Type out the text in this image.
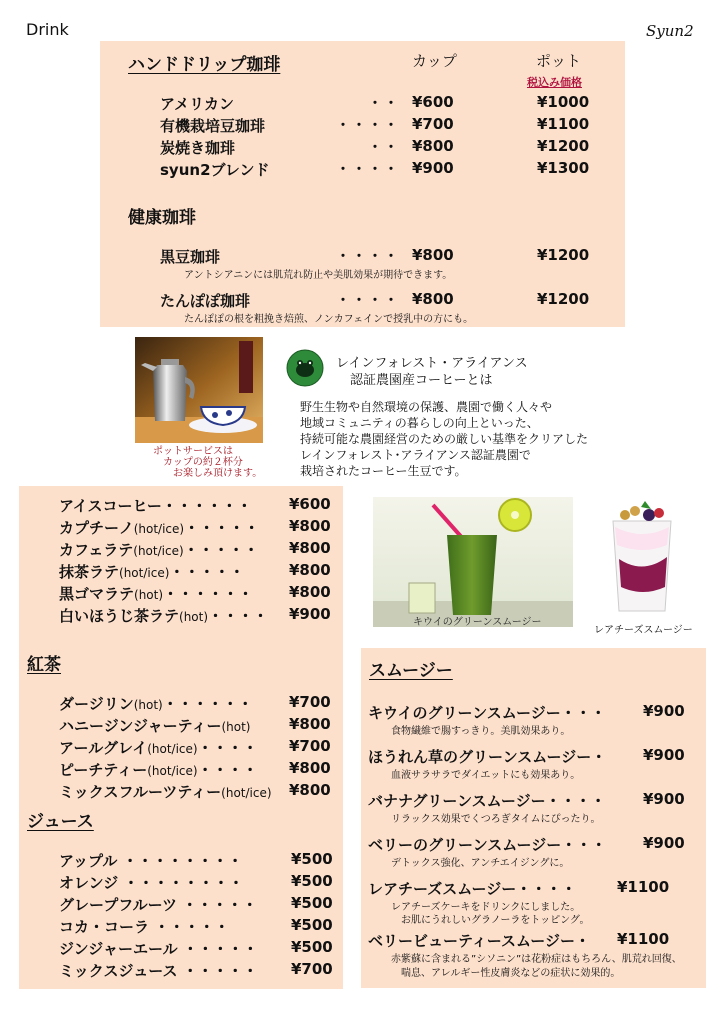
Drink	Syun2
ハンドドリップ珈琲	カップ	ポット
税込み価格
アメリカン	・・ ¥600	¥1000
有機栽培豆珈琲	・・・・ ¥700	¥1100
炭焼き珈琲	・・ ¥800	¥1200
syun2ブレンド	・・・・ ¥900	¥1300
健康珈琲
黒豆珈琲	・・・・ ¥800	¥1200
アントシアニンには肌荒れ防止や美肌効果が期待できます。
たんぽぽ珈琲	・・・・ ¥800	¥1200
たんぽぽの根を粗挽き焙煎、ノンカフェインで授乳中の方にも。
ポットサービスは
カップの約２杯分
お楽しみ頂けます。
レインフォレスト・アライアンス
認証農園産コーヒーとは
野生生物や自然環境の保護、農園で働く人々や
地域コミュニティの暮らしの向上といった、
持続可能な農園経営のための厳しい基準をクリアした
レインフォレスト･アライアンス認証農園で
栽培されたコーヒー生豆です。
アイスコーヒー・・・・・・ ¥600
カプチーノ(hot/ice)・・・・・ ¥800
カフェラテ(hot/ice)・・・・・ ¥800
抹茶ラテ(hot/ice)・・・・・	¥800
黒ゴマラテ(hot)・・・・・・ ¥800
白いほうじ茶ラテ(hot)・・・・ ¥900
紅茶
ダージリン(hot)・・・・・・ ¥700
ハニージンジャーティー(hot)	¥800
アールグレイ(hot/ice)・・・・ ¥700
ピーチティー(hot/ice)・・・・ ¥800
ミックスフルーツティー(hot/ice) ¥800
ジュース
アップル ・・・・・・・・	¥500
オレンジ ・・・・・・・・	¥500
グレープフルーツ ・・・・・ ¥500
コカ・コーラ ・・・・・	¥500
ジンジャーエール ・・・・・ ¥500
ミックスジュース ・・・・・ ¥700
キウイのグリーンスムージー
レアチーズスムージー
スムージー
キウイのグリーンスムージー・・・ ¥900
食物繊維で腸すっきり。美肌効果あり。
ほうれん草のグリーンスムージー・ ¥900
血液サラサラでダイエットにも効果あり。
バナナグリーンスムージー・・・・ ¥900
リラックス効果でくつろぎタイムにぴったり。
ベリーのグリーンスムージー・・・ ¥900
デトックス強化、アンチエイジングに。
レアチーズスムージー・・・・	¥1100
レアチーズケーキをドリンクにしました。
お肌にうれしいグラノーラをトッピング。
ベリービューティースムージー・ ¥1100
赤紫蘇に含まれる”シソニン”は花粉症はもちろん、肌荒れ回復、
喘息、アレルギー性皮膚炎などの症状に効果的。
